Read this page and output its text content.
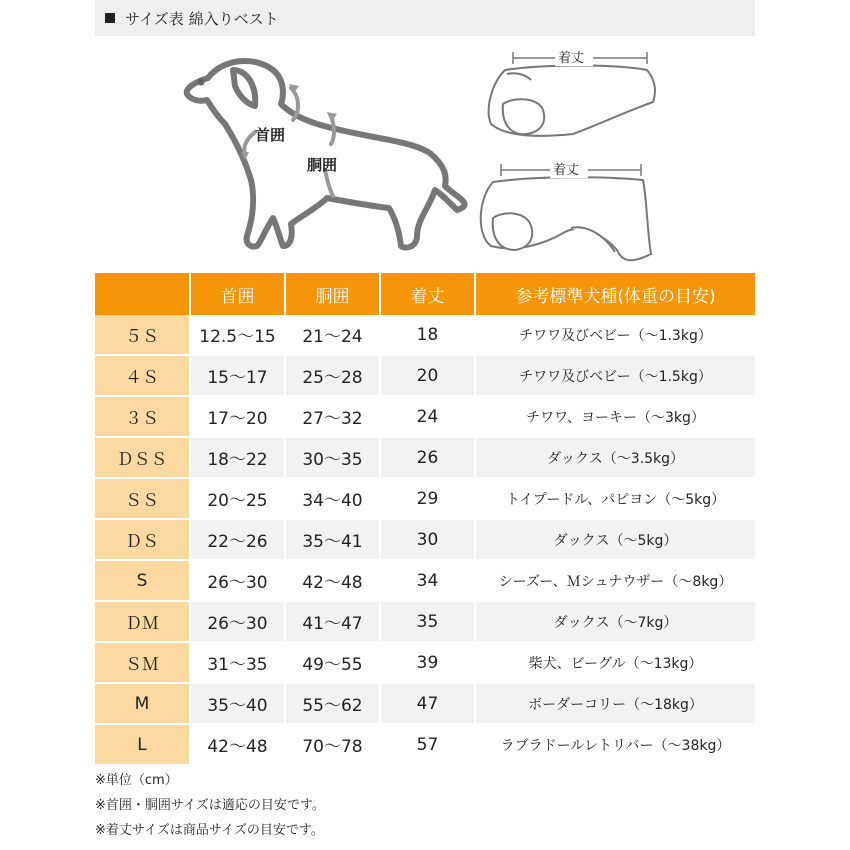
サイズ表 綿入りベスト
首囲
胴囲
着丈
着丈
	首囲	胴囲	着丈	参考標準犬種(体重の目安)
５Ｓ	12.5〜15	21〜24	18	チワワ及びベビー（〜1.3kg）
４Ｓ	15〜17	25〜28	20	チワワ及びベビー（〜1.5kg）
３Ｓ	17〜20	27〜32	24	チワワ、ヨーキー（〜3kg）
ＤＳＳ	18〜22	30〜35	26	ダックス（〜3.5kg）
ＳＳ	20〜25	34〜40	29	トイプードル、パピヨン（〜5kg）
ＤＳ	22〜26	35〜41	30	ダックス（〜5kg）
S	26〜30	42〜48	34	シーズー、Ｍシュナウザー（〜8kg）
ＤＭ	26〜30	41〜47	35	ダックス（〜7kg）
ＳＭ	31〜35	49〜55	39	柴犬、ビーグル（〜13kg）
M	35〜40	55〜62	47	ボーダーコリー（〜18kg）
L	42〜48	70〜78	57	ラブラドールレトリバー（〜38kg）
※単位（cm）
※首囲・胴囲サイズは適応の目安です。
※着丈サイズは商品サイズの目安です。
